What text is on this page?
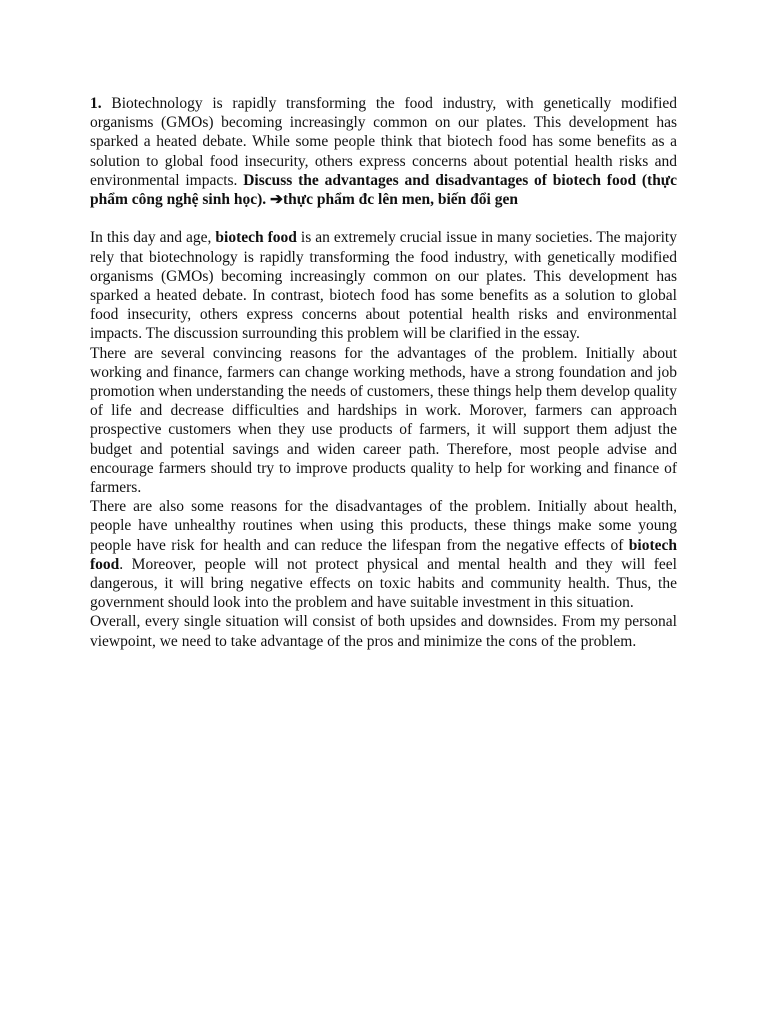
1. Biotechnology is rapidly transforming the food industry, with genetically modified organisms (GMOs) becoming increasingly common on our plates. This development has sparked a heated debate. While some people think that biotech food has some benefits as a solution to global food insecurity, others express concerns about potential health risks and environmental impacts. Discuss the advantages and disadvantages of biotech food (thực phẩm công nghệ sinh học). ➔thực phẩm đc lên men, biến đổi gen

In this day and age, biotech food is an extremely crucial issue in many societies. The majority rely that biotechnology is rapidly transforming the food industry, with genetically modified organisms (GMOs) becoming increasingly common on our plates. This development has sparked a heated debate. In contrast, biotech food has some benefits as a solution to global food insecurity, others express concerns about potential health risks and environmental impacts. The discussion surrounding this problem will be clarified in the essay.

There are several convincing reasons for the advantages of the problem. Initially about working and finance, farmers can change working methods, have a strong foundation and job promotion when understanding the needs of customers, these things help them develop quality of life and decrease difficulties and hardships in work. Morover, farmers can approach prospective customers when they use products of farmers, it will support them adjust the budget and potential savings and widen career path. Therefore, most people advise and encourage farmers should try to improve products quality to help for working and finance of farmers.

There are also some reasons for the disadvantages of the problem. Initially about health, people have unhealthy routines when using this products, these things make some young people have risk for health and can reduce the lifespan from the negative effects of biotech food. Moreover, people will not protect physical and mental health and they will feel dangerous, it will bring negative effects on toxic habits and community health. Thus, the government should look into the problem and have suitable investment in this situation.

Overall, every single situation will consist of both upsides and downsides. From my personal viewpoint, we need to take advantage of the pros and minimize the cons of the problem.
